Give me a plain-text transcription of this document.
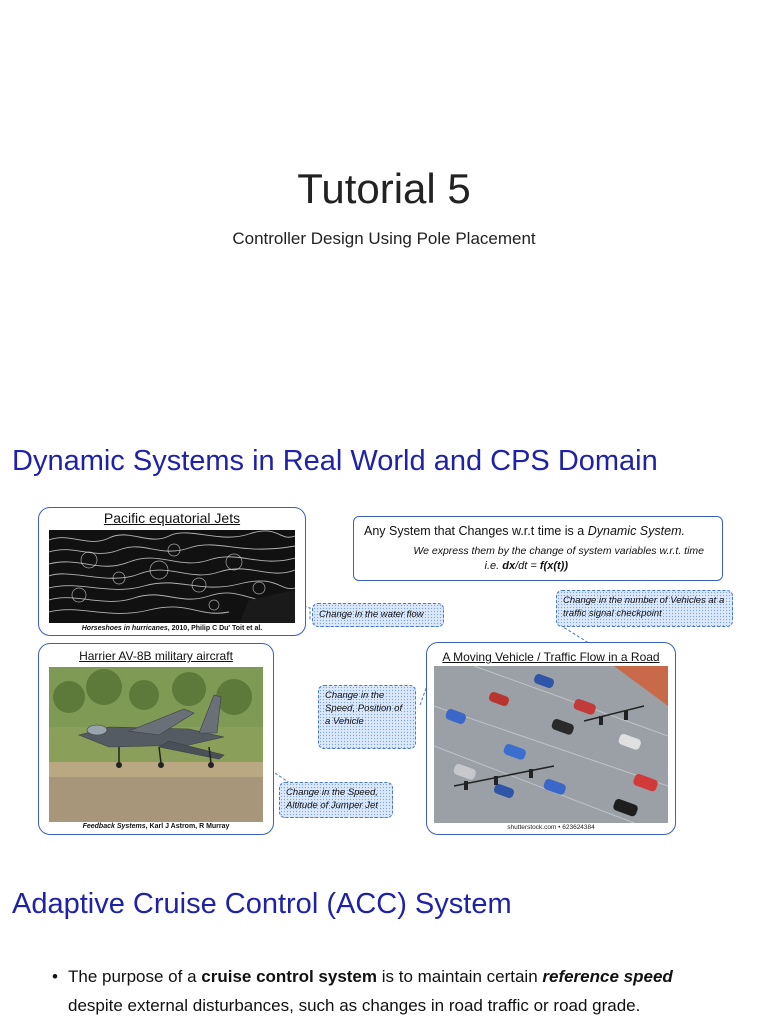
Tutorial 5
Controller Design Using Pole Placement
Dynamic Systems in Real World and CPS Domain
Pacific equatorial Jets
Horseshoes in hurricanes, 2010, Philip C Du' Toit et al.
Any System that Changes w.r.t time is a Dynamic System.
We express them by the change of system variables w.r.t. time
i.e. dx/dt = f(x(t))
Change in the water flow
Change in the number of Vehicles at a traffic signal checkpoint
Harrier AV-8B military aircraft
Feedback Systems, Karl J Astrom, R Murray
Change in the Speed, Position of a Vehicle
Change in the Speed, Altitude of Jumper Jet
A Moving Vehicle / Traffic Flow in a Road
shutterstock.com • 623624384
Adaptive Cruise Control (ACC) System
• The purpose of a cruise control system is to maintain certain reference speed
despite external disturbances, such as changes in road traffic or road grade.
